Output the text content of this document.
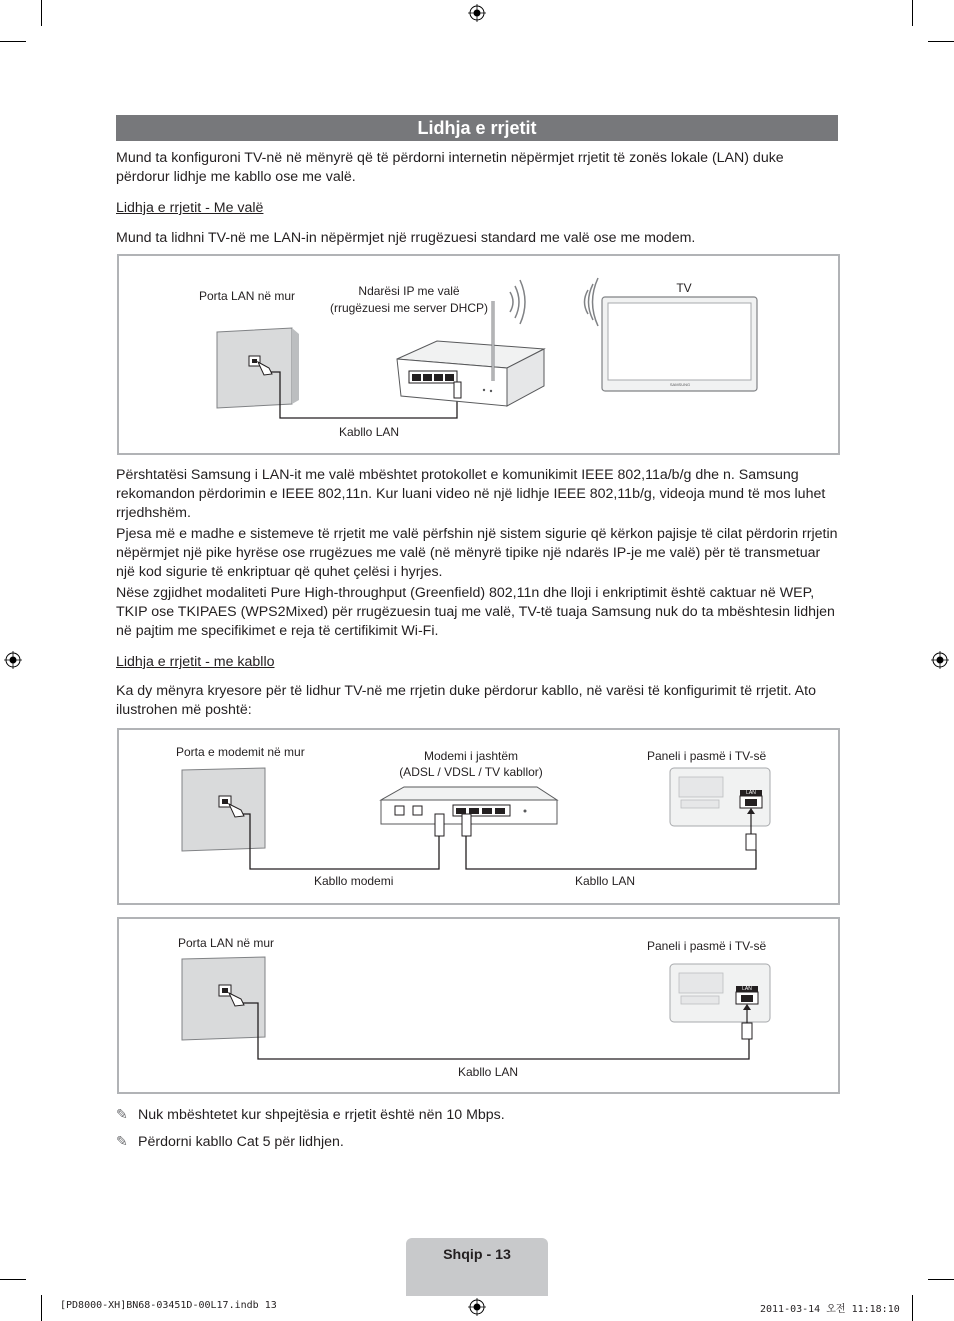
Lidhja e rrjetit

Mund ta konfiguroni TV-në në mënyrë që të përdorni internetin nëpërmjet rrjetit të zonës lokale (LAN) duke përdorur lidhje me kabllo ose me valë.

Lidhja e rrjetit - Me valë

Mund ta lidhni TV-në me LAN-in nëpërmjet një rrugëzuesi standard me valë ose me modem.

Porta LAN në mur	Ndarësi IP me valë
(rrugëzuesi me server DHCP)
TV
Kabllo LAN
SAMSUNG

Përshtatësi Samsung i LAN-it me valë mbështet protokollet e komunikimit IEEE 802,11a/b/g dhe n. Samsung rekomandon përdorimin e IEEE 802,11n. Kur luani video në një lidhje IEEE 802,11b/g, videoja mund të mos luhet rrjedhshëm.

Pjesa më e madhe e sistemeve të rrjetit me valë përfshin një sistem sigurie që kërkon pajisje të cilat përdorin rrjetin nëpërmjet një pike hyrëse ose rrugëzues me valë (në mënyrë tipike një ndarës IP-je me valë) për të transmetuar një kod sigurie të enkriptuar që quhet çelësi i hyrjes.

Nëse zgjidhet modaliteti Pure High-throughput (Greenfield) 802,11n dhe lloji i enkriptimit është caktuar në WEP, TKIP ose TKIPAES (WPS2Mixed) për rrugëzuesin tuaj me valë, TV-të tuaja Samsung nuk do ta mbështesin lidhjen në pajtim me specifikimet e reja të certifikimit Wi-Fi.

Lidhja e rrjetit - me kabllo

Ka dy mënyra kryesore për të lidhur TV-në me rrjetin duke përdorur kabllo, në varësi të konfigurimit të rrjetit. Ato ilustrohen më poshtë:

Porta e modemit në mur	Modemi i jashtëm
(ADSL / VDSL / TV kabllor)
Paneli i pasmë i TV-së
Kabllo modemi	Kabllo LAN
LAN
Porta LAN në mur	Paneli i pasmë i TV-së
Kabllo LAN
LAN
✎ Nuk mbështetet kur shpejtësia e rrjetit është nën 10 Mbps.
✎ Përdorni kabllo Cat 5 për lidhjen.
Shqip - 13
[PD8000-XH]BN68-03451D-00L17.indb 13	2011-03-14 오전 11:18:10
